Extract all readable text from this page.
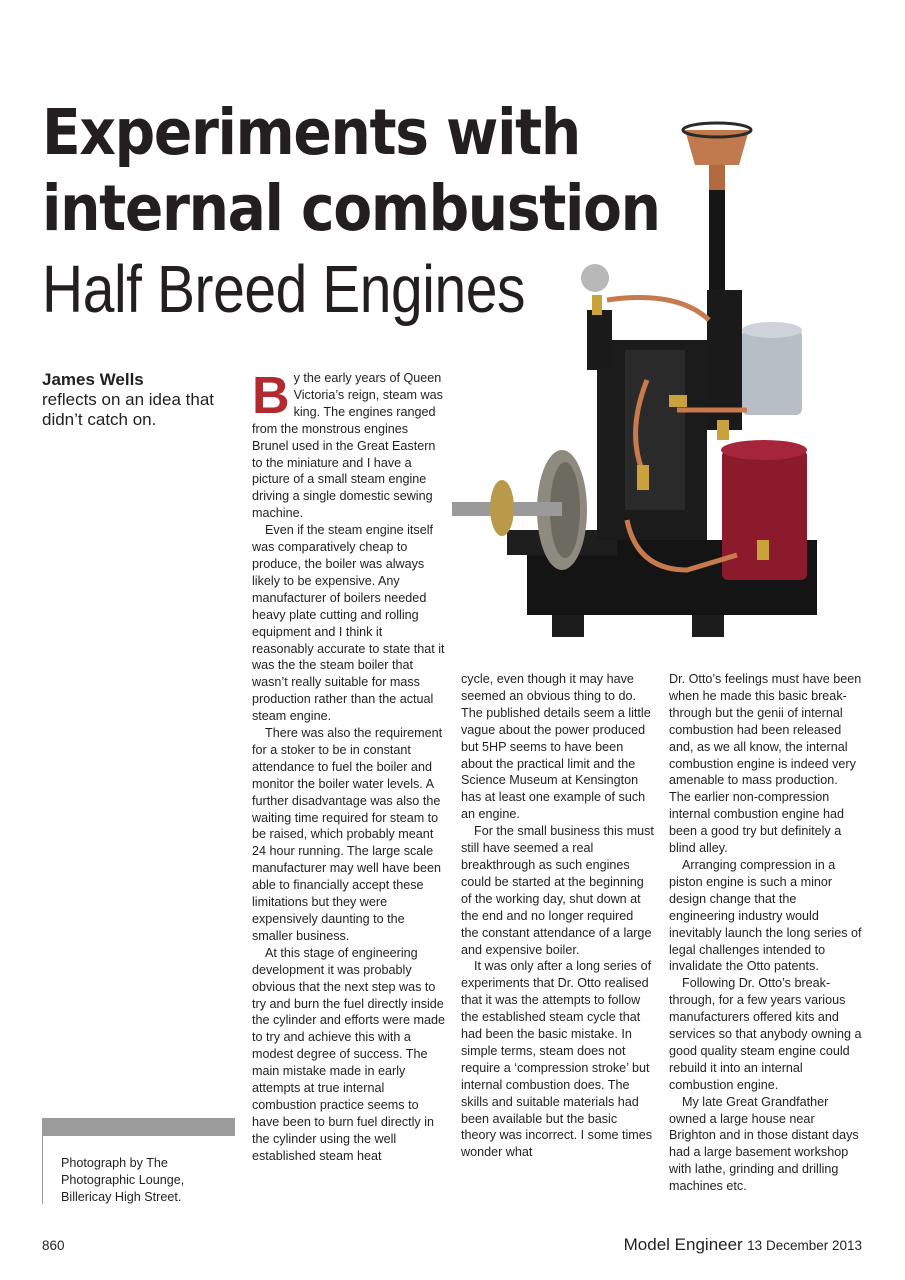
Experiments with
internal combustion
Half Breed Engines
James Wells
reflects on an idea that didn’t catch on.	B y the early years of Queen Victoria’s reign, steam was king. The engines ranged from the monstrous engines Brunel used in the Great Eastern to the miniature and I have a picture of a small steam engine driving a single domestic sewing machine.

Even if the steam engine itself was comparatively cheap to produce, the boiler was always likely to be expensive. Any manufacturer of boilers needed heavy plate cutting and rolling equipment and I think it reasonably accurate to state that it was the the steam boiler that wasn’t really suitable for mass production rather than the actual steam engine.

There was also the requirement for a stoker to be in constant attendance to fuel the boiler and monitor the boiler water levels. A further disadvantage was also the waiting time required for steam to be raised, which probably meant 24 hour running. The large scale manufacturer may well have been able to financially accept these limitations but they were expensively daunting to the smaller business.

At this stage of engineering development it was probably obvious that the next step was to try and burn the fuel directly inside the cylinder and efforts were made to try and achieve this with a modest degree of success. The main mistake made in early attempts at true internal combustion practice seems to have been to burn fuel directly in the cylinder using the well established steam heat

cycle, even though it may have seemed an obvious thing to do. The published details seem a little vague about the power produced but 5HP seems to have been about the practical limit and the Science Museum at Kensington has at least one example of such an engine.

For the small business this must still have seemed a real breakthrough as such engines could be started at the beginning of the working day, shut down at the end and no longer required the constant attendance of a large and expensive boiler.

It was only after a long series of experiments that Dr. Otto realised that it was the attempts to follow the established steam cycle that had been the basic mistake. In simple terms, steam does not require a ‘compression stroke’ but internal combustion does. The skills and suitable materials had been available but the basic theory was incorrect. I some times wonder what

Dr. Otto’s feelings must have been when he made this basic break-through but the genii of internal combustion had been released and, as we all know, the internal combustion engine is indeed very amenable to mass production. The earlier non-compression internal combustion engine had been a good try but definitely a blind alley.

Arranging compression in a piston engine is such a minor design change that the engineering industry would inevitably launch the long series of legal challenges intended to invalidate the Otto patents.

Following Dr. Otto’s break-through, for a few years various manufacturers offered kits and services so that anybody owning a good quality steam engine could rebuild it into an internal combustion engine.

My late Great Grandfather owned a large house near Brighton and in those distant days had a large basement workshop with lathe, grinding and drilling machines etc.

Photograph by The Photographic Lounge, Billericay High Street.
860	Model Engineer 13 December 2013
